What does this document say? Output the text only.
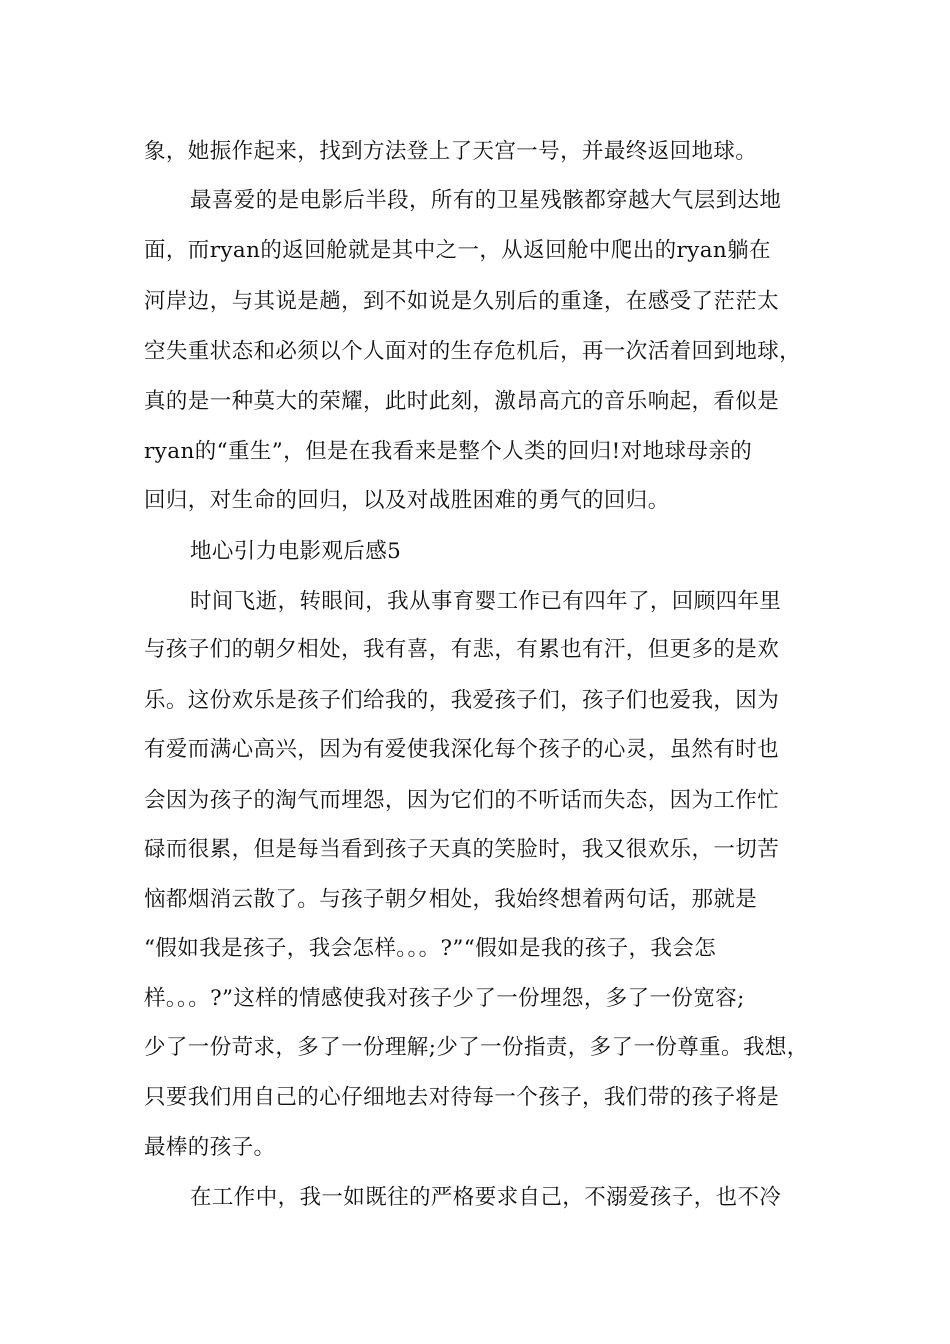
象，她振作起来，找到方法登上了天宫一号，并最终返回地球。
最喜爱的是电影后半段，所有的卫星残骸都穿越大气层到达地
面，而ryan的返回舱就是其中之一，从返回舱中爬出的ryan躺在
河岸边，与其说是趟，到不如说是久别后的重逢，在感受了茫茫太
空失重状态和必须以个人面对的生存危机后，再一次活着回到地球，
真的是一种莫大的荣耀，此时此刻，激昂高亢的音乐响起，看似是
ryan的“重生”，但是在我看来是整个人类的回归!对地球母亲的
回归，对生命的回归，以及对战胜困难的勇气的回归。
地心引力电影观后感5
时间飞逝，转眼间，我从事育婴工作已有四年了，回顾四年里
与孩子们的朝夕相处，我有喜，有悲，有累也有汗，但更多的是欢
乐。这份欢乐是孩子们给我的，我爱孩子们，孩子们也爱我，因为
有爱而满心高兴，因为有爱使我深化每个孩子的心灵，虽然有时也
会因为孩子的淘气而埋怨，因为它们的不听话而失态，因为工作忙
碌而很累，但是每当看到孩子天真的笑脸时，我又很欢乐，一切苦
恼都烟消云散了。与孩子朝夕相处，我始终想着两句话，那就是
“假如我是孩子，我会怎样。。。?”“假如是我的孩子，我会怎
样。。。?”这样的情感使我对孩子少了一份埋怨，多了一份宽容;
少了一份苛求，多了一份理解;少了一份指责，多了一份尊重。我想，
只要我们用自己的心仔细地去对待每一个孩子，我们带的孩子将是
最棒的孩子。
在工作中，我一如既往的严格要求自己，不溺爱孩子，也不冷
